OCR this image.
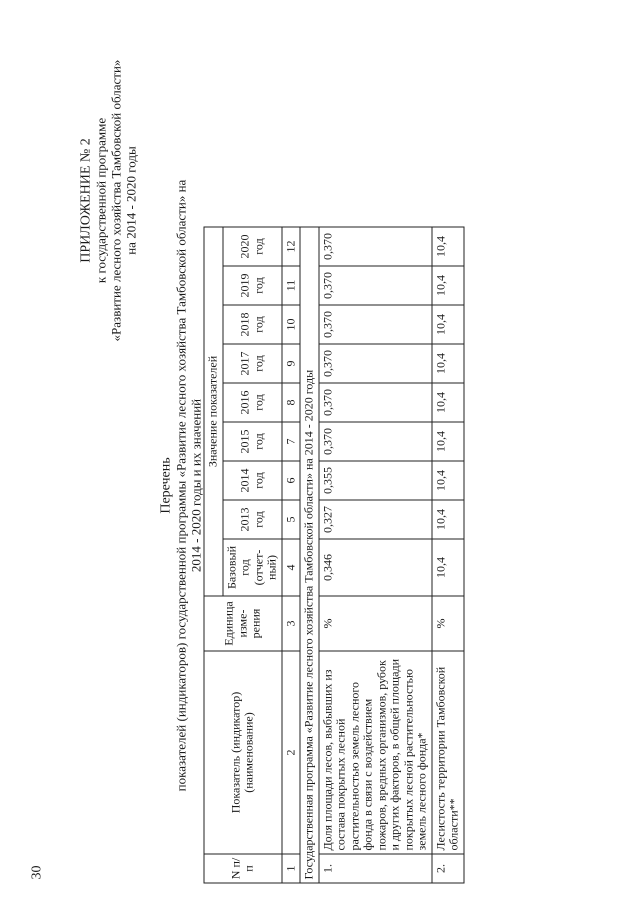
30
ПРИЛОЖЕНИЕ № 2 к государственной программе «Развитие лесного хозяйства Тамбовской области» на 2014 - 2020 годы
Перечень показателей (индикаторов) государственной программы «Развитие лесного хозяйства Тамбовской области» на 2014 - 2020 годы и их значений
N п/п	Показатель (индикатор) (наименование)	Единица изме-рения	Значение показателей								
			Базовый год (отчет-ный)	2013 год	2014 год	2015 год	2016 год	2017 год	2018 год	2019 год	2020 год
1	2	3	4	5	6	7	8	9	10	11	12
Государственная программа «Развитие лесного хозяйства Тамбовской области» на 2014 - 2020 годы											
1.	Доля площади лесов, выбывших из состава покрытых лесной растительностью земель лесного фонда в связи с воздействием пожаров, вредных организмов, рубок и других факторов, в общей площади покрытых лесной растительностью земель лесного фонда*	%	0,346	0,327	0,355	0,370	0,370	0,370	0,370	0,370	0,370
2.	Лесистость территории Тамбовской области**	%	10,4	10,4	10,4	10,4	10,4	10,4	10,4	10,4	10,4
